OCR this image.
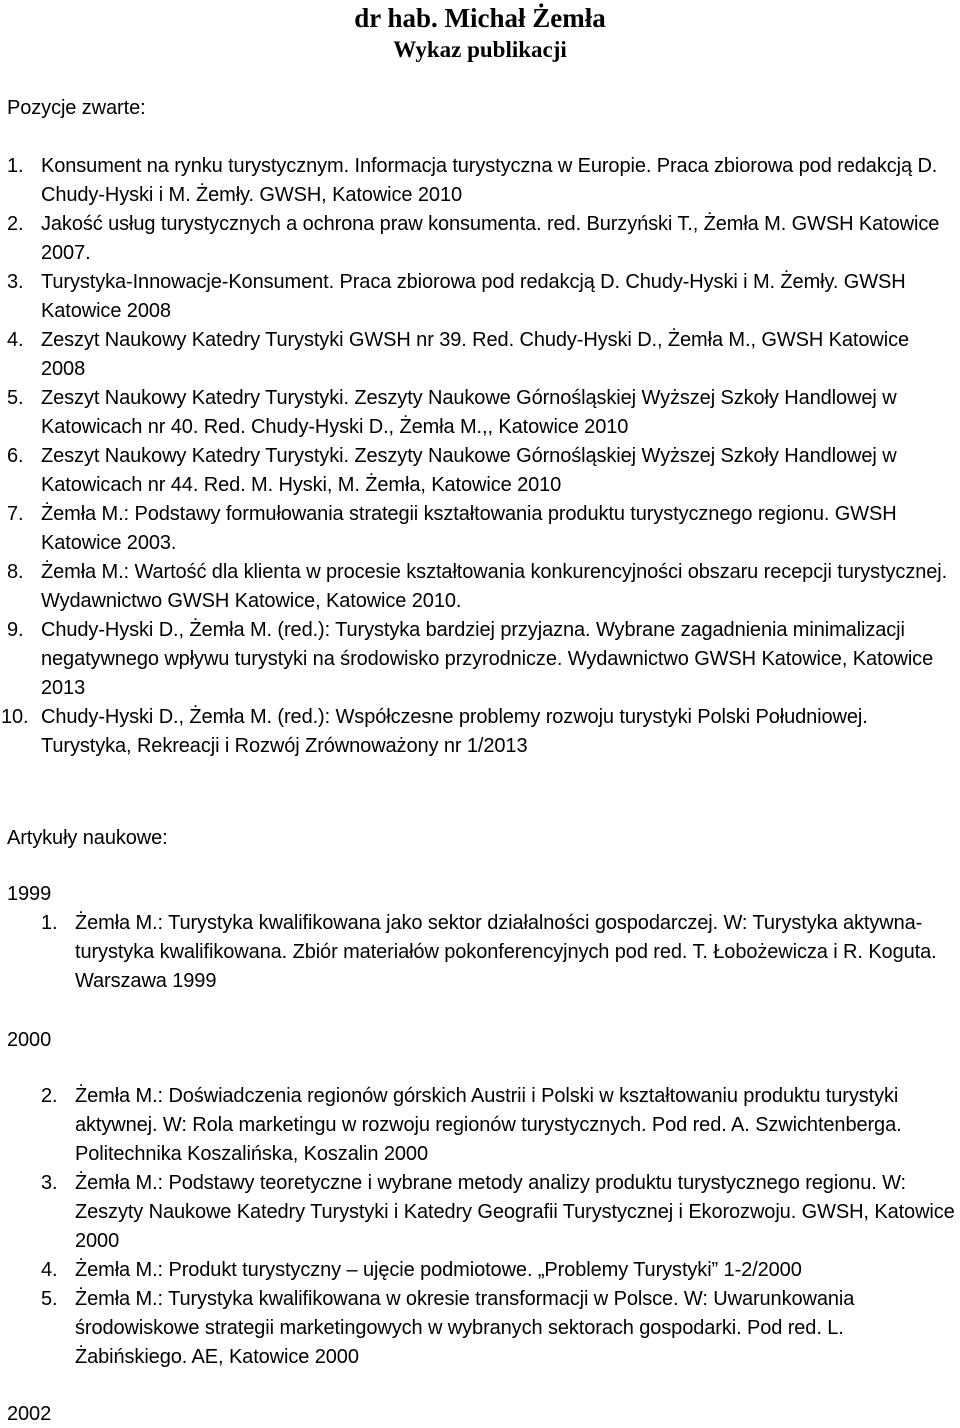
dr hab. Michał Żemła
Wykaz publikacji
Pozycje zwarte:
1. Konsument na rynku turystycznym. Informacja turystyczna w Europie. Praca zbiorowa pod redakcją D. Chudy-Hyski i M. Żemły. GWSH, Katowice 2010
2. Jakość usług turystycznych a ochrona praw konsumenta. red. Burzyński T., Żemła M. GWSH Katowice 2007.
3. Turystyka-Innowacje-Konsument. Praca zbiorowa pod redakcją D. Chudy-Hyski i M. Żemły. GWSH Katowice 2008
4. Zeszyt Naukowy Katedry Turystyki GWSH nr 39. Red. Chudy-Hyski D., Żemła M., GWSH Katowice 2008
5. Zeszyt Naukowy Katedry Turystyki. Zeszyty Naukowe Górnośląskiej Wyższej Szkoły Handlowej w Katowicach nr 40. Red. Chudy-Hyski D., Żemła M.,, Katowice 2010
6. Zeszyt Naukowy Katedry Turystyki. Zeszyty Naukowe Górnośląskiej Wyższej Szkoły Handlowej w Katowicach nr 44. Red. M. Hyski, M. Żemła, Katowice 2010
7. Żemła M.: Podstawy formułowania strategii kształtowania produktu turystycznego regionu. GWSH Katowice 2003.
8. Żemła M.: Wartość dla klienta w procesie kształtowania konkurencyjności obszaru recepcji turystycznej. Wydawnictwo GWSH Katowice, Katowice 2010.
9. Chudy-Hyski D., Żemła M. (red.): Turystyka bardziej przyjazna. Wybrane zagadnienia minimalizacji negatywnego wpływu turystyki na środowisko przyrodnicze. Wydawnictwo GWSH Katowice, Katowice 2013
10. Chudy-Hyski D., Żemła M. (red.): Współczesne problemy rozwoju turystyki Polski Południowej. Turystyka, Rekreacji i Rozwój Zrównoważony nr 1/2013
Artykuły naukowe:
1999
1. Żemła M.: Turystyka kwalifikowana jako sektor działalności gospodarczej. W: Turystyka aktywna-turystyka kwalifikowana. Zbiór materiałów pokonferencyjnych pod red. T. Łobożewicza i R. Koguta. Warszawa 1999
2000
2. Żemła M.: Doświadczenia regionów górskich Austrii i Polski w kształtowaniu produktu turystyki aktywnej. W: Rola marketingu w rozwoju regionów turystycznych. Pod red. A. Szwichtenberga. Politechnika Koszalińska, Koszalin 2000
3. Żemła M.: Podstawy teoretyczne i wybrane metody analizy produktu turystycznego regionu. W: Zeszyty Naukowe Katedry Turystyki i Katedry Geografii Turystycznej i Ekorozwoju. GWSH, Katowice 2000
4. Żemła M.: Produkt turystyczny – ujęcie podmiotowe. „Problemy Turystyki” 1-2/2000
5. Żemła M.: Turystyka kwalifikowana w okresie transformacji w Polsce. W: Uwarunkowania środowiskowe strategii marketingowych w wybranych sektorach gospodarki. Pod red. L. Żabińskiego. AE, Katowice 2000
2002
